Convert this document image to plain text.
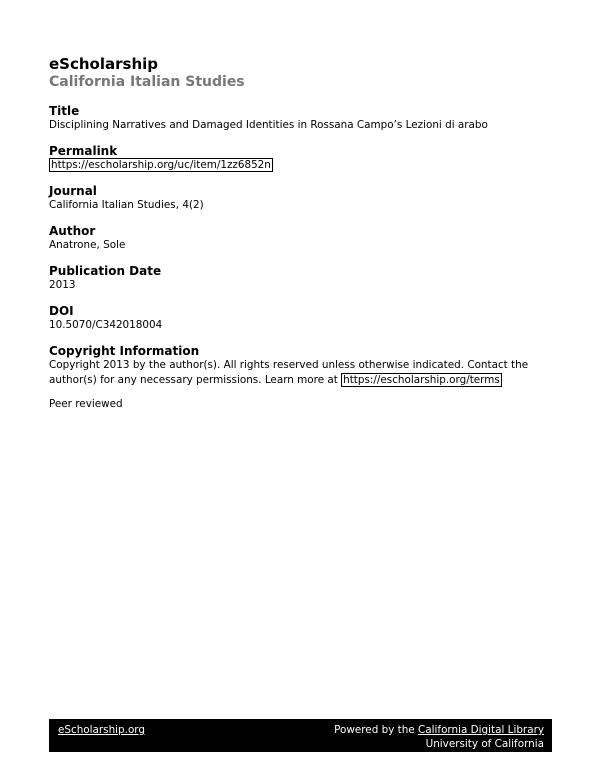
eScholarship
California Italian Studies
Title
Disciplining Narratives and Damaged Identities in Rossana Campo’s Lezioni di arabo
Permalink
https://escholarship.org/uc/item/1zz6852n
Journal
California Italian Studies, 4(2)
Author
Anatrone, Sole
Publication Date
2013
DOI
10.5070/C342018004
Copyright Information
Copyright 2013 by the author(s). All rights reserved unless otherwise indicated. Contact the author(s) for any necessary permissions. Learn more at https://escholarship.org/terms
Peer reviewed
eScholarship.org	Powered by the California Digital Library
University of California
